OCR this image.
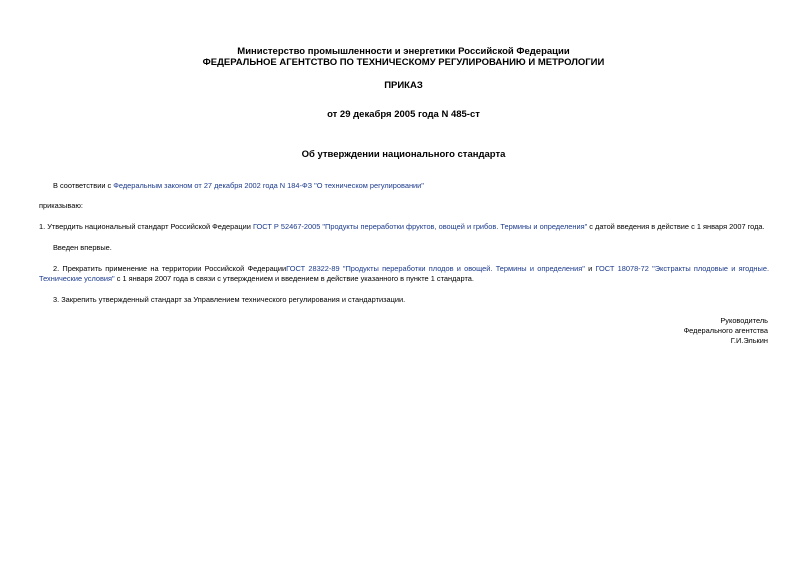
Министерство промышленности и энергетики Российской Федерации
ФЕДЕРАЛЬНОЕ АГЕНТСТВО ПО ТЕХНИЧЕСКОМУ РЕГУЛИРОВАНИЮ И МЕТРОЛОГИИ
ПРИКАЗ
от 29 декабря 2005 года N 485-ст
Об утверждении национального стандарта
В соответствии с Федеральным законом от 27 декабря 2002 года N 184-ФЗ "О техническом регулировании"
приказываю:
1. Утвердить национальный стандарт Российской Федерации ГОСТ Р 52467-2005 "Продукты переработки фруктов, овощей и грибов. Термины и определения" с датой введения в действие с 1 января 2007 года.
Введен впервые.
2. Прекратить применение на территории Российской ФедерацииГОСТ 28322-89 "Продукты переработки плодов и овощей. Термины и определения" и ГОСТ 18078-72 "Экстракты плодовые и ягодные.
Технические условия" с 1 января 2007 года в связи с утверждением и введением в действие указанного в пункте 1 стандарта.
3. Закрепить утвержденный стандарт за Управлением технического регулирования и стандартизации.
Руководитель
Федерального агентства
Г.И.Элькин
